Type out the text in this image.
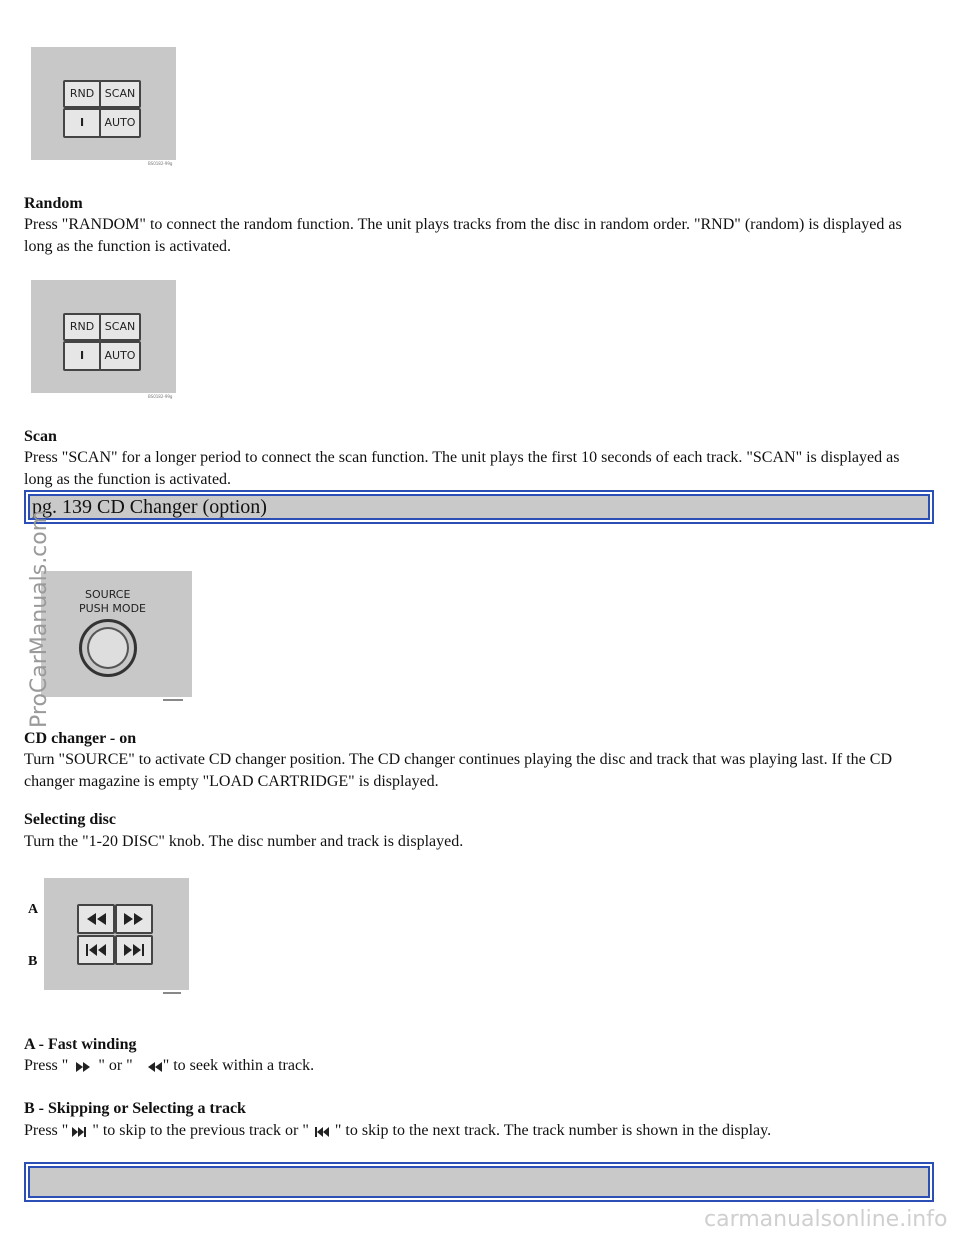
RND SCAN
I	AUTO
BS0182-99g
Random
Press "RANDOM" to connect the random function. The unit plays tracks from the disc in random order. "RND" (random) is displayed as long as the function is activated.
RND SCAN
I	AUTO
BS0182-99g
Scan
Press "SCAN" for a longer period to connect the scan function. The unit plays the first 10 seconds of each track. "SCAN" is displayed as long as the function is activated.
pg. 139 CD Changer (option)
SOURCE
PUSH MODE
CD changer - on
Turn "SOURCE" to activate CD changer position. The CD changer continues playing the disc and track that was playing last. If the CD changer magazine is empty "LOAD CARTRIDGE" is displayed.
Selecting disc
Turn the "1-20 DISC" knob. The disc number and track is displayed.
A
B
A - Fast winding
Press " " or " " to seek within a track.
B - Skipping or Selecting a track
Press " " to skip to the previous track or " " to skip to the next track. The track number is shown in the display.
ProCarManuals.com
carmanualsonline.info
